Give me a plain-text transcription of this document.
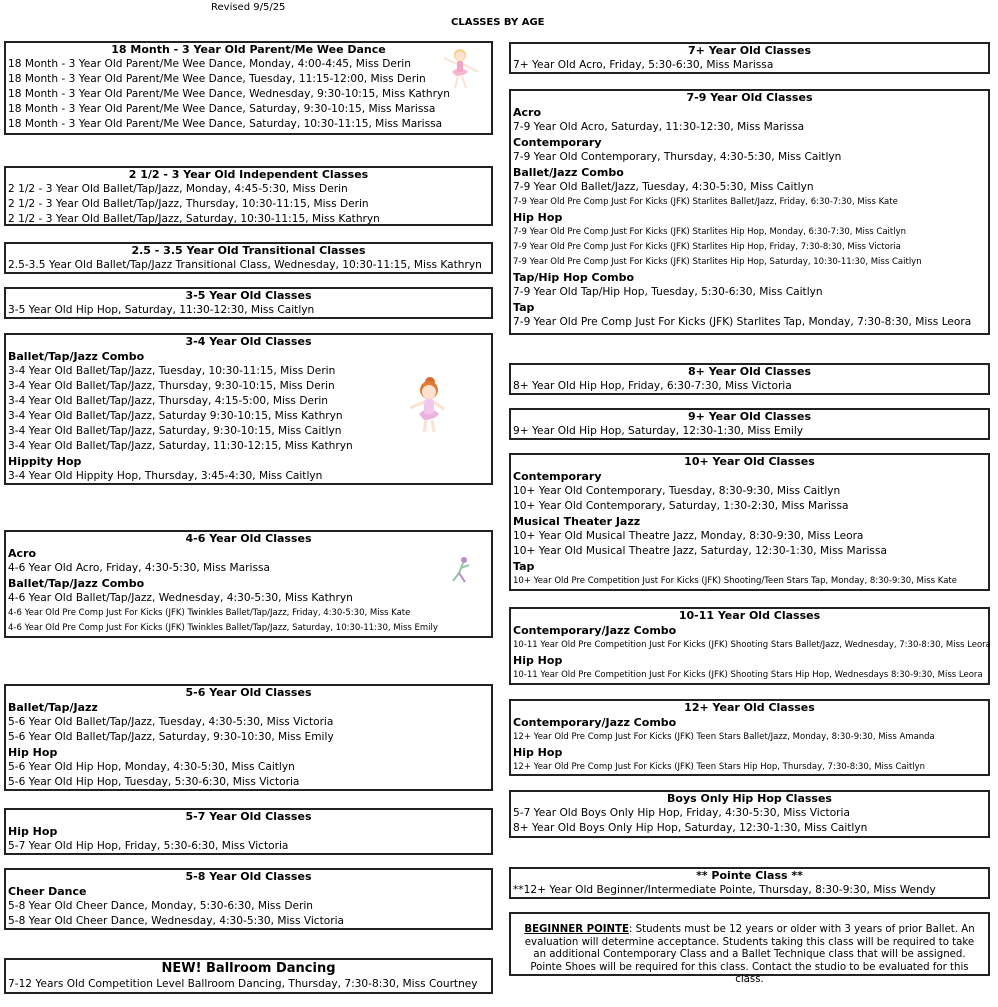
Revised 9/5/25
CLASSES BY AGE
18 Month - 3 Year Old Parent/Me Wee Dance
18 Month - 3 Year Old Parent/Me Wee Dance, Monday, 4:00-4:45, Miss Derin
18 Month - 3 Year Old Parent/Me Wee Dance, Tuesday, 11:15-12:00, Miss Derin
18 Month - 3 Year Old Parent/Me Wee Dance, Wednesday, 9:30-10:15, Miss Kathryn
18 Month - 3 Year Old Parent/Me Wee Dance, Saturday, 9:30-10:15, Miss Marissa
18 Month - 3 Year Old Parent/Me Wee Dance, Saturday, 10:30-11:15, Miss Marissa
2 1/2 - 3 Year Old Independent Classes
2 1/2 - 3 Year Old Ballet/Tap/Jazz, Monday, 4:45-5:30, Miss Derin
2 1/2 - 3 Year Old Ballet/Tap/Jazz, Thursday, 10:30-11:15, Miss Derin
2 1/2 - 3 Year Old Ballet/Tap/Jazz, Saturday, 10:30-11:15, Miss Kathryn
2.5 - 3.5 Year Old Transitional Classes
2.5-3.5 Year Old Ballet/Tap/Jazz Transitional Class, Wednesday, 10:30-11:15, Miss Kathryn
3-5 Year Old Classes
3-5 Year Old Hip Hop, Saturday, 11:30-12:30, Miss Caitlyn
3-4 Year Old Classes
Ballet/Tap/Jazz Combo
3-4 Year Old Ballet/Tap/Jazz, Tuesday, 10:30-11:15, Miss Derin
3-4 Year Old Ballet/Tap/Jazz, Thursday, 9:30-10:15, Miss Derin
3-4 Year Old Ballet/Tap/Jazz, Thursday, 4:15-5:00, Miss Derin
3-4 Year Old Ballet/Tap/Jazz, Saturday 9:30-10:15, Miss Kathryn
3-4 Year Old Ballet/Tap/Jazz, Saturday, 9:30-10:15, Miss Caitlyn
3-4 Year Old Ballet/Tap/Jazz, Saturday, 11:30-12:15, Miss Kathryn
Hippity Hop
3-4 Year Old Hippity Hop, Thursday, 3:45-4:30, Miss Caitlyn
4-6 Year Old Classes
Acro
4-6 Year Old Acro, Friday, 4:30-5:30, Miss Marissa
Ballet/Tap/Jazz Combo
4-6 Year Old Ballet/Tap/Jazz, Wednesday, 4:30-5:30, Miss Kathryn
4-6 Year Old Pre Comp Just For Kicks (JFK) Twinkles Ballet/Tap/Jazz, Friday, 4:30-5:30, Miss Kate
4-6 Year Old Pre Comp Just For Kicks (JFK) Twinkles Ballet/Tap/Jazz, Saturday, 10:30-11:30, Miss Emily
5-6 Year Old Classes
Ballet/Tap/Jazz
5-6 Year Old Ballet/Tap/Jazz, Tuesday, 4:30-5:30, Miss Victoria
5-6 Year Old Ballet/Tap/Jazz, Saturday, 9:30-10:30, Miss Emily
Hip Hop
5-6 Year Old Hip Hop, Monday, 4:30-5:30, Miss Caitlyn
5-6 Year Old Hip Hop, Tuesday, 5:30-6:30, Miss Victoria
5-7 Year Old Classes
Hip Hop
5-7 Year Old Hip Hop, Friday, 5:30-6:30, Miss Victoria
5-8 Year Old Classes
Cheer Dance
5-8 Year Old Cheer Dance, Monday, 5:30-6:30, Miss Derin
5-8 Year Old Cheer Dance, Wednesday, 4:30-5:30, Miss Victoria
NEW! Ballroom Dancing
7-12 Years Old Competition Level Ballroom Dancing, Thursday, 7:30-8:30, Miss Courtney
7+ Year Old Classes
7+ Year Old Acro, Friday, 5:30-6:30, Miss Marissa
7-9 Year Old Classes
Acro
7-9 Year Old Acro, Saturday, 11:30-12:30, Miss Marissa
Contemporary
7-9 Year Old Contemporary, Thursday, 4:30-5:30, Miss Caitlyn
Ballet/Jazz Combo
7-9 Year Old Ballet/Jazz, Tuesday, 4:30-5:30, Miss Caitlyn
7-9 Year Old Pre Comp Just For Kicks (JFK) Starlites Ballet/Jazz, Friday, 6:30-7:30, Miss Kate
Hip Hop
7-9 Year Old Pre Comp Just For Kicks (JFK) Starlites Hip Hop, Monday, 6:30-7:30, Miss Caitlyn
7-9 Year Old Pre Comp Just For Kicks (JFK) Starlites Hip Hop, Friday, 7:30-8:30, Miss Victoria
7-9 Year Old Pre Comp Just For Kicks (JFK) Starlites Hip Hop, Saturday, 10:30-11:30, Miss Caitlyn
Tap/Hip Hop Combo
7-9 Year Old Tap/Hip Hop, Tuesday, 5:30-6:30, Miss Caitlyn
Tap
7-9 Year Old Pre Comp Just For Kicks (JFK) Starlites Tap, Monday, 7:30-8:30, Miss Leora
8+ Year Old Classes
8+ Year Old Hip Hop, Friday, 6:30-7:30, Miss Victoria
9+ Year Old Classes
9+ Year Old Hip Hop, Saturday, 12:30-1:30, Miss Emily
10+ Year Old Classes
Contemporary
10+ Year Old Contemporary, Tuesday, 8:30-9:30, Miss Caitlyn
10+ Year Old Contemporary, Saturday, 1:30-2:30, Miss Marissa
Musical Theater Jazz
10+ Year Old Musical Theatre Jazz, Monday, 8:30-9:30, Miss Leora
10+ Year Old Musical Theatre Jazz, Saturday, 12:30-1:30, Miss Marissa
Tap
10+ Year Old Pre Competition Just For Kicks (JFK) Shooting/Teen Stars Tap, Monday, 8:30-9:30, Miss Kate
10-11 Year Old Classes
Contemporary/Jazz Combo
10-11 Year Old Pre Competition Just For Kicks (JFK) Shooting Stars Ballet/Jazz, Wednesday, 7:30-8:30, Miss Leora
Hip Hop
10-11 Year Old Pre Competition Just For Kicks (JFK) Shooting Stars Hip Hop, Wednesdays 8:30-9:30, Miss Leora
12+ Year Old Classes
Contemporary/Jazz Combo
12+ Year Old Pre Comp Just For Kicks (JFK) Teen Stars Ballet/Jazz, Monday, 8:30-9:30, Miss Amanda
Hip Hop
12+ Year Old Pre Comp Just For Kicks (JFK) Teen Stars Hip Hop, Thursday, 7:30-8:30, Miss Caitlyn
Boys Only Hip Hop Classes
5-7 Year Old Boys Only Hip Hop, Friday, 4:30-5:30, Miss Victoria
8+ Year Old Boys Only Hip Hop, Saturday, 12:30-1:30, Miss Caitlyn
** Pointe Class **
**12+ Year Old Beginner/Intermediate Pointe, Thursday, 8:30-9:30, Miss Wendy
BEGINNER POINTE: Students must be 12 years or older with 3 years of prior Ballet. An evaluation will determine acceptance. Students taking this class will be required to take an additional Contemporary Class and a Ballet Technique class that will be assigned. Pointe Shoes will be required for this class. Contact the studio to be evaluated for this class.
